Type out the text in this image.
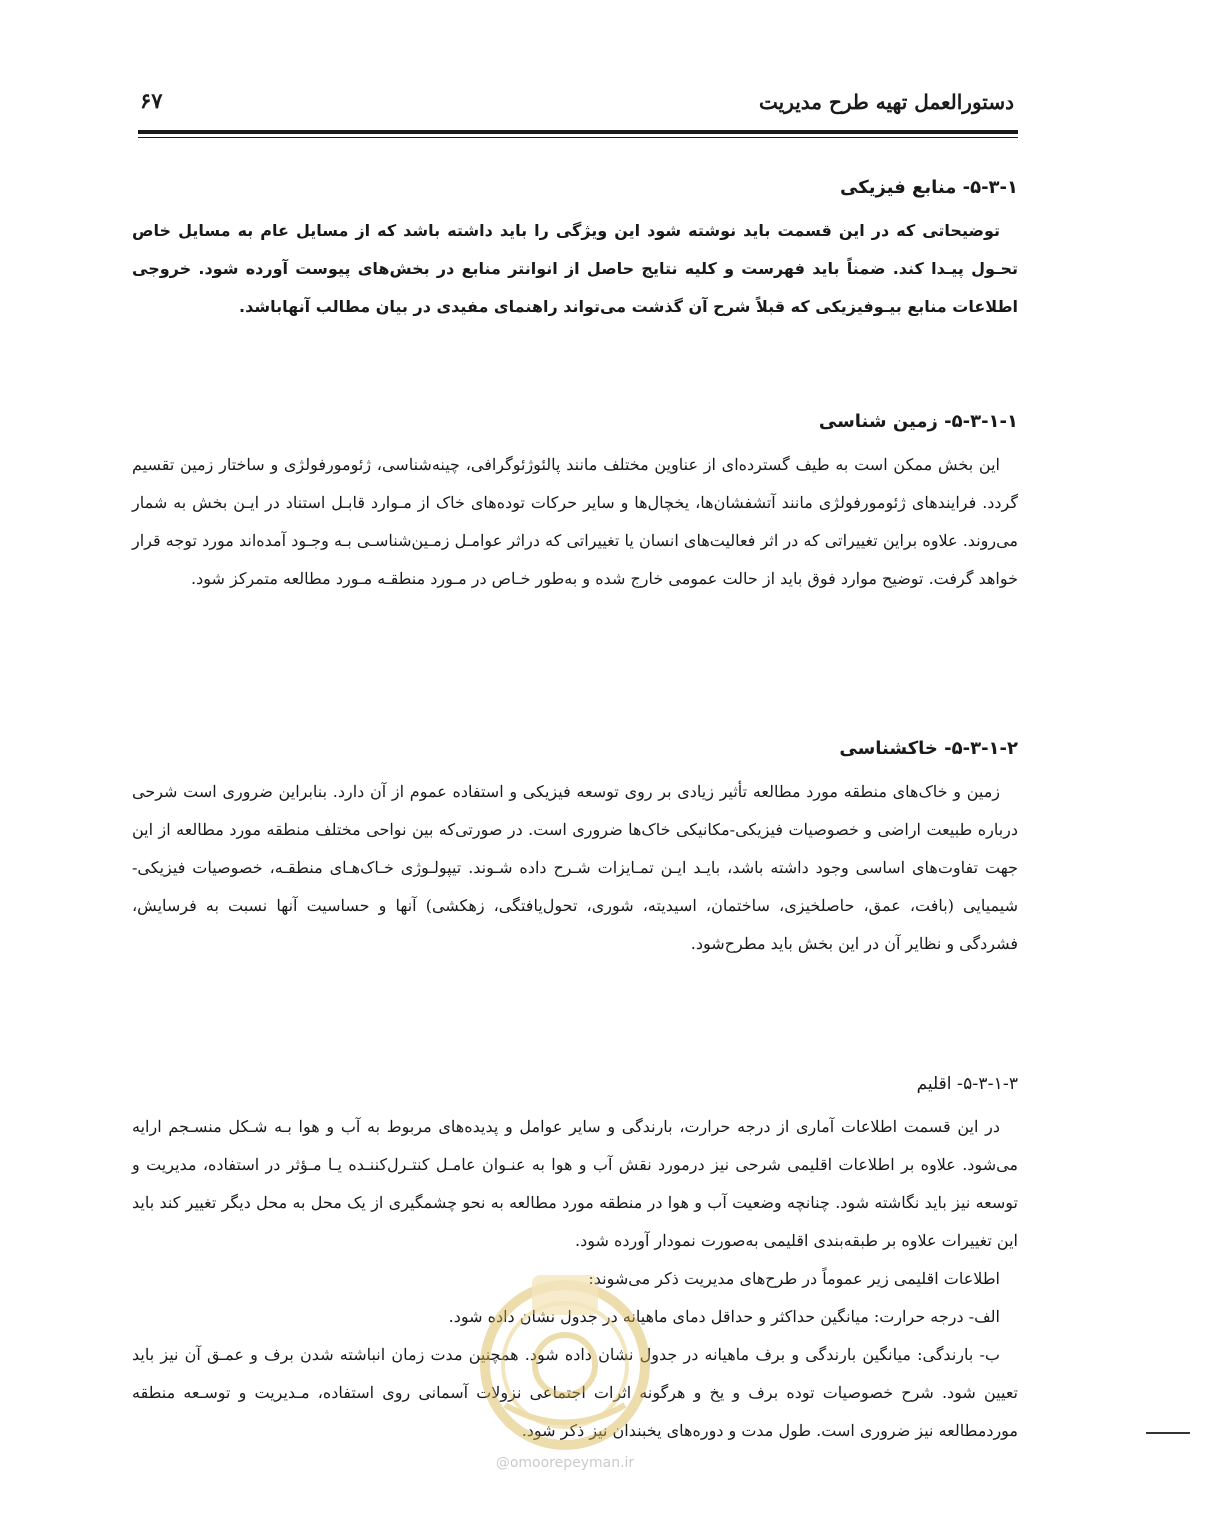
دستورالعمل تهیه طرح مدیریت
۶۷
۵-۳-۱- منابع فیزیکی

توضیحاتی که در این قسمت باید نوشته شود این ویژگی را باید داشته باشد که از مسایل عام به مسایل خاص تحـول پیـدا کند. ضمناً باید فهرست و کلیه نتایج حاصل از انوانتر منابع در بخش‌های پیوست آورده شود. خروجی اطلاعات منابع بیـوفیزیکی که قبلاً شرح آن گذشت می‌تواند راهنمای مفیدی در بیان مطالب آنهاباشد.

۵-۳-۱-۱- زمین شناسی

این بخش ممکن است به طیف گسترده‌ای از عناوین مختلف مانند پالئوژئوگرافی، چینه‌شناسی، ژئومورفولژی و ساختار زمین تقسیم گردد. فرایندهای ژئومورفولژی مانند آتشفشان‌ها، یخچال‌ها و سایر حرکات توده‌های خاک از مـوارد قابـل استناد در ایـن بخش به شمار می‌روند. علاوه براین تغییراتی که در اثر فعالیت‌های انسان یا تغییراتی که دراثر عوامـل زمـین‌شناسـی بـه وجـود آمده‌اند مورد توجه قرار خواهد گرفت. توضیح موارد فوق باید از حالت عمومی خارج شده و به‌طور خـاص در مـورد منطقـه مـورد مطالعه متمرکز شود.

۵-۳-۱-۲- خاکشناسی

زمین و خاک‌های منطقه مورد مطالعه تأثیر زیادی بر روی توسعه فیزیکی و استفاده عموم از آن دارد. بنابراین ضروری است شرحی درباره طبیعت اراضی و خصوصیات فیزیکی-مکانیکی خاک‌ها ضروری است. در صورتی‌که بین نواحی مختلف منطقه مورد مطالعه از این جهت تفاوت‌های اساسی وجود داشته باشد، بایـد ایـن تمـایزات شـرح داده شـوند. تیپولـوژی خـاک‌هـای منطقـه، خصوصیات فیزیکی-شیمیایی (بافت، عمق، حاصلخیزی، ساختمان، اسیدیته، شوری، تحول‌یافتگی، زهکشی) آنها و حساسیت آنها نسبت به فرسایش، فشردگی و نظایر آن در این بخش باید مطرح‌شود.

۵-۳-۱-۳- اقلیم

در این قسمت اطلاعات آماری از درجه حرارت، بارندگی و سایر عوامل و پدیده‌های مربوط به آب و هوا بـه شـکل منسـجم ارایه می‌شود. علاوه بر اطلاعات اقلیمی شرحی نیز درمورد نقش آب و هوا به عنـوان عامـل کنتـرل‌کننـده یـا مـؤثر در استفاده، مدیریت و توسعه نیز باید نگاشته شود. چنانچه وضعیت آب و هوا در منطقه مورد مطالعه به نحو چشمگیری از یک محل به محل دیگر تغییر کند باید این تغییرات علاوه بر طبقه‌بندی اقلیمی به‌صورت نمودار آورده شود.

اطلاعات اقلیمی زیر عموماً در طرح‌های مدیریت ذکر می‌شوند:

الف- درجه حرارت: میانگین حداکثر و حداقل دمای ماهیانه در جدول نشان داده شود.

ب- بارندگی: میانگین بارندگی و برف ماهیانه در جدول نشان داده شود. همچنین مدت زمان انباشته شدن برف و عمـق آن نیز باید تعیین شود. شرح خصوصیات توده برف و یخ و هرگونه اثرات اجتماعی نزولات آسمانی روی استفاده، مـدیریت و توسـعه منطقه موردمطالعه نیز ضروری است. طول مدت و دوره‌های یخبندان نیز ذکر شود.

@omoorepeyman.ir
